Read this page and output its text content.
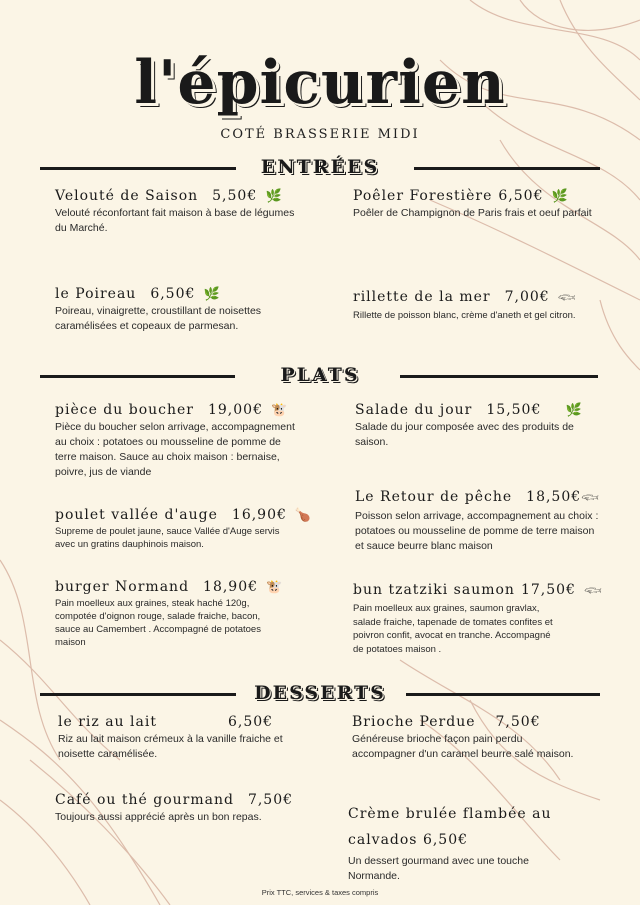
l'épicurien
COTÉ BRASSERIE MIDI
ENTRÉES
Velouté de Saison 5,50€ 🌿
Velouté réconfortant fait maison à base de légumes du Marché.
Poêler Forestière 6,50€ 🌿
Poêler de Champignon de Paris frais et oeuf parfait
le Poireau 6,50€ 🌿
Poireau, vinaigrette, croustillant de noisettes caramélisées et copeaux de parmesan.
rillette de la mer 7,00€ 𓆟
Rillette de poisson blanc, crème d'aneth et gel citron.
PLATS
pièce du boucher 19,00€ 🐮
Pièce du boucher selon arrivage, accompagnement au choix : potatoes ou mousseline de pomme de terre maison. Sauce au choix maison : bernaise, poivre, jus de viande
Salade du jour 15,50€ 🌿
Salade du jour composée avec des produits de saison.
Le Retour de pêche 18,50€ 𓆟
Poisson selon arrivage, accompagnement au choix : potatoes ou mousseline de pomme de terre maison et sauce beurre blanc maison
poulet vallée d'auge 16,90€ 🍗
Supreme de poulet jaune, sauce Vallée d'Auge servis avec un gratins dauphinois maison.
burger Normand 18,90€ 🐮
Pain moelleux aux graines, steak haché 120g, compotée d'oignon rouge, salade fraiche, bacon, sauce au Camembert . Accompagné de potatoes maison
bun tzatziki saumon 17,50€ 𓆟
Pain moelleux aux graines, saumon gravlax, salade fraiche, tapenade de tomates confites et poivron confit, avocat en tranche. Accompagné de potatoes maison .
DESSERTS
le riz au lait	6,50€
Riz au lait maison crémeux à la vanille fraiche et noisette caramélisée.
Brioche Perdue 7,50€
Généreuse brioche façon pain perdu accompagner d'un caramel beurre salé maison.
Café ou thé gourmand 7,50€
Toujours aussi apprécié après un bon repas.	Crème brulée flambée au
calvados 6,50€
Un dessert gourmand avec une touche Normande.
Prix TTC, services & taxes compris
